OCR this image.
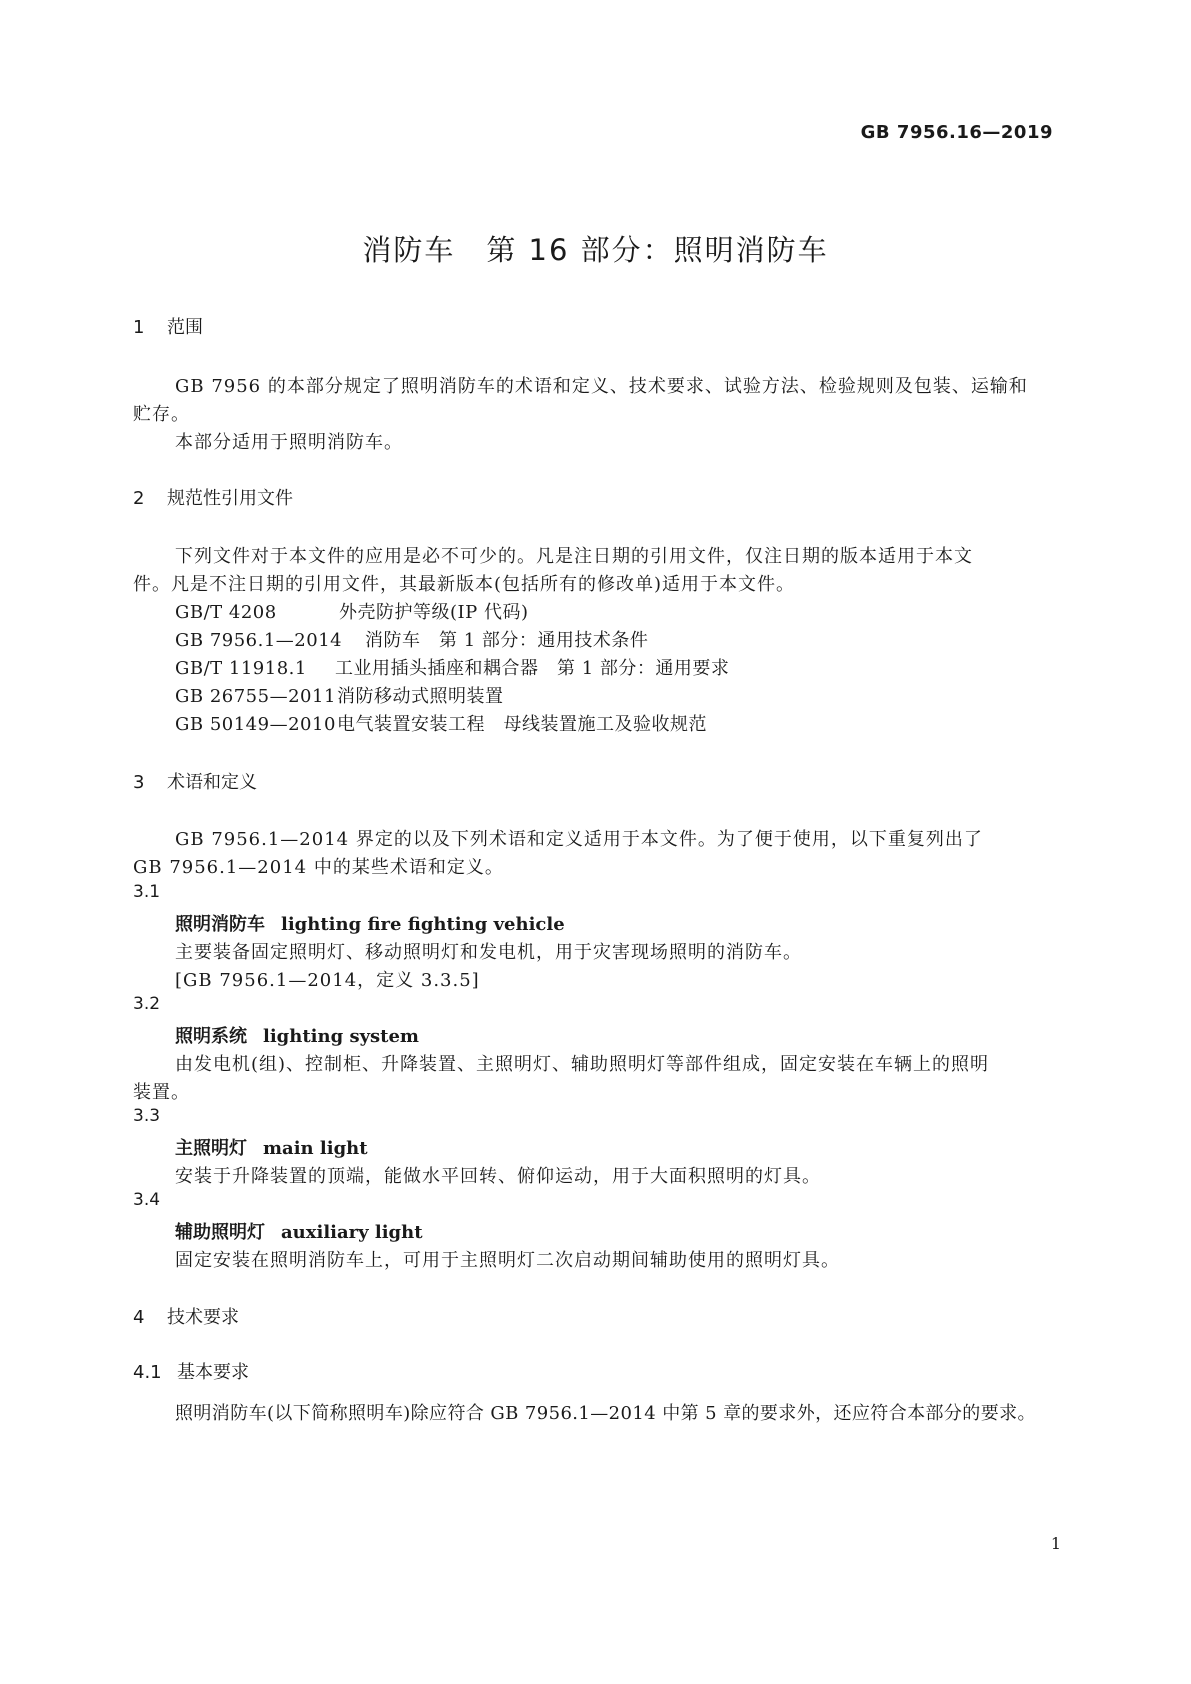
GB 7956.16—2019
消防车　第 16 部分：照明消防车
1 范围
GB 7956 的本部分规定了照明消防车的术语和定义、技术要求、试验方法、检验规则及包装、运输和
贮存。
本部分适用于照明消防车。
2 规范性引用文件
下列文件对于本文件的应用是必不可少的。凡是注日期的引用文件，仅注日期的版本适用于本文
件。凡是不注日期的引用文件，其最新版本(包括所有的修改单)适用于本文件。
GB/T 4208	外壳防护等级(IP 代码)
GB 7956.1—2014 消防车　第 1 部分：通用技术条件
GB/T 11918.1 工业用插头插座和耦合器　第 1 部分：通用要求
GB 26755—2011消防移动式照明装置
GB 50149—2010电气装置安装工程　母线装置施工及验收规范
3 术语和定义
GB 7956.1—2014 界定的以及下列术语和定义适用于本文件。为了便于使用，以下重复列出了
GB 7956.1—2014 中的某些术语和定义。
3.1
照明消防车 lighting fire fighting vehicle
主要装备固定照明灯、移动照明灯和发电机，用于灾害现场照明的消防车。
[GB 7956.1—2014，定义 3.3.5]
3.2
照明系统 lighting system
由发电机(组)、控制柜、升降装置、主照明灯、辅助照明灯等部件组成，固定安装在车辆上的照明
装置。
3.3
主照明灯 main light
安装于升降装置的顶端，能做水平回转、俯仰运动，用于大面积照明的灯具。
3.4
辅助照明灯 auxiliary light
固定安装在照明消防车上，可用于主照明灯二次启动期间辅助使用的照明灯具。
4 技术要求
4.1 基本要求
照明消防车(以下简称照明车)除应符合 GB 7956.1—2014 中第 5 章的要求外，还应符合本部分的要求。
1
